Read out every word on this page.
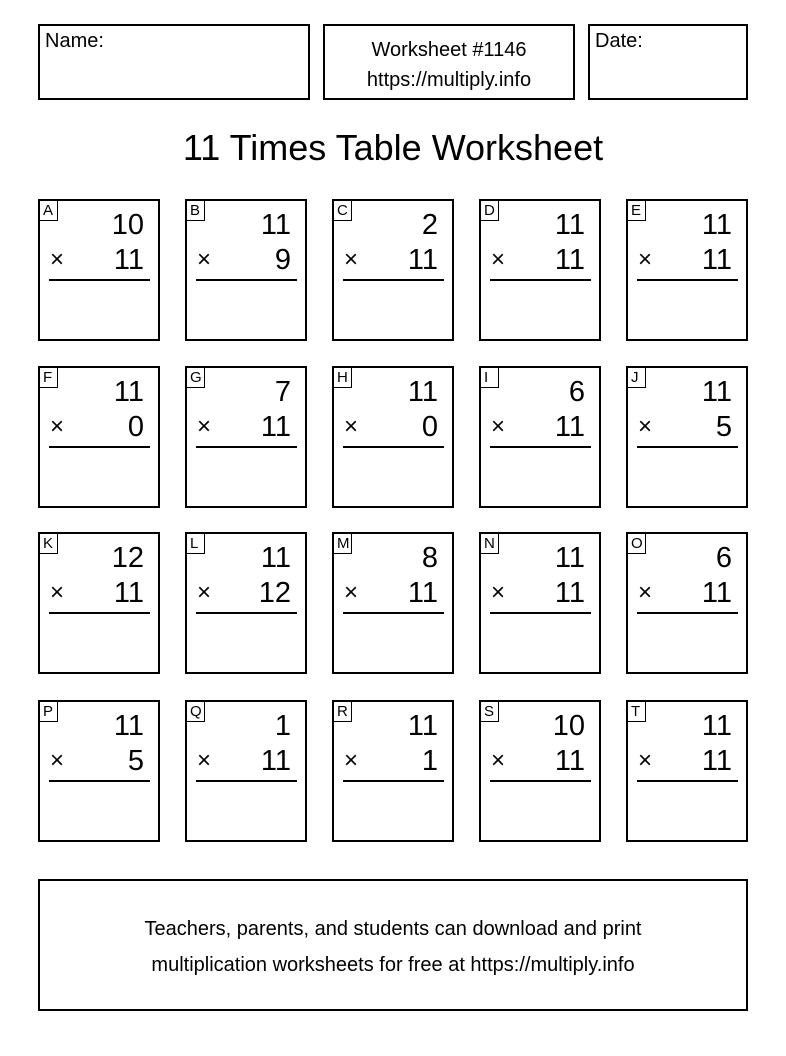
Name:	Worksheet #1146
https://multiply.info
Date:
11 Times Table Worksheet
A 10
× 11
B 11
× 9
C	2
× 11
D 11
× 11
E 11
× 11
F 11
× 0
G	7
× 11
H 11
× 0
I	6
× 11
J 11
× 5
K 12
× 11
L 11
× 12
M 8
× 11
N 11
× 11
O	6
× 11
P 11
× 5
Q	1
× 11
R 11
× 1
S 10
× 11
T 11
× 11
Teachers, parents, and students can download and print
multiplication worksheets for free at https://multiply.info
